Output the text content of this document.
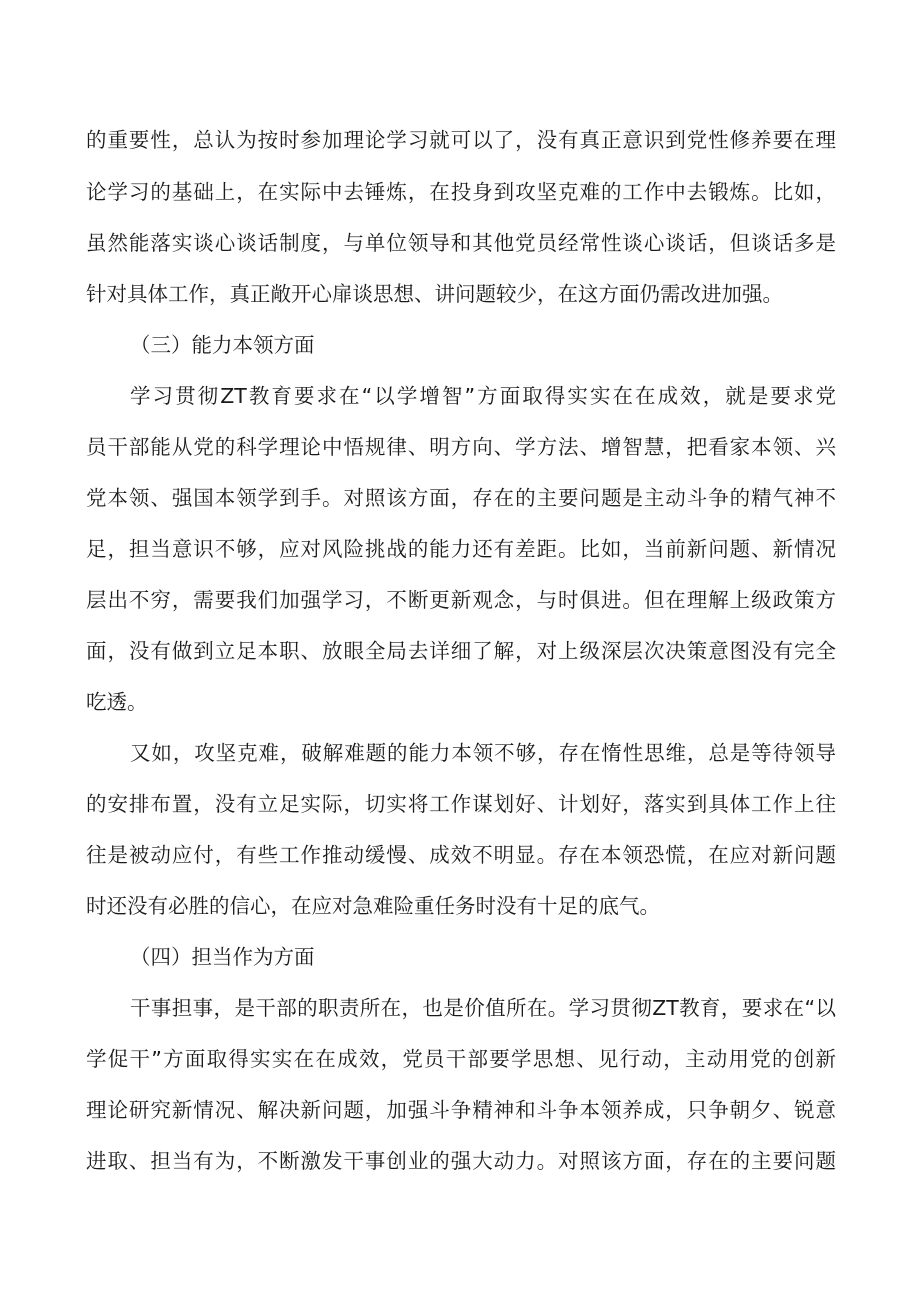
的重要性，总认为按时参加理论学习就可以了，没有真正意识到党性修养要在理
论学习的基础上，在实际中去锤炼，在投身到攻坚克难的工作中去锻炼。比如，
虽然能落实谈心谈话制度，与单位领导和其他党员经常性谈心谈话，但谈话多是
针对具体工作，真正敞开心扉谈思想、讲问题较少，在这方面仍需改进加强。
（三）能力本领方面
学习贯彻ZT教育要求在“以学增智”方面取得实实在在成效，就是要求党
员干部能从党的科学理论中悟规律、明方向、学方法、增智慧，把看家本领、兴
党本领、强国本领学到手。对照该方面，存在的主要问题是主动斗争的精气神不
足，担当意识不够，应对风险挑战的能力还有差距。比如，当前新问题、新情况
层出不穷，需要我们加强学习，不断更新观念，与时俱进。但在理解上级政策方
面，没有做到立足本职、放眼全局去详细了解，对上级深层次决策意图没有完全
吃透。
又如，攻坚克难，破解难题的能力本领不够，存在惰性思维，总是等待领导
的安排布置，没有立足实际，切实将工作谋划好、计划好，落实到具体工作上往
往是被动应付，有些工作推动缓慢、成效不明显。存在本领恐慌，在应对新问题
时还没有必胜的信心，在应对急难险重任务时没有十足的底气。
（四）担当作为方面
干事担事，是干部的职责所在，也是价值所在。学习贯彻ZT教育，要求在“以
学促干”方面取得实实在在成效，党员干部要学思想、见行动，主动用党的创新
理论研究新情况、解决新问题，加强斗争精神和斗争本领养成，只争朝夕、锐意
进取、担当有为，不断激发干事创业的强大动力。对照该方面，存在的主要问题
